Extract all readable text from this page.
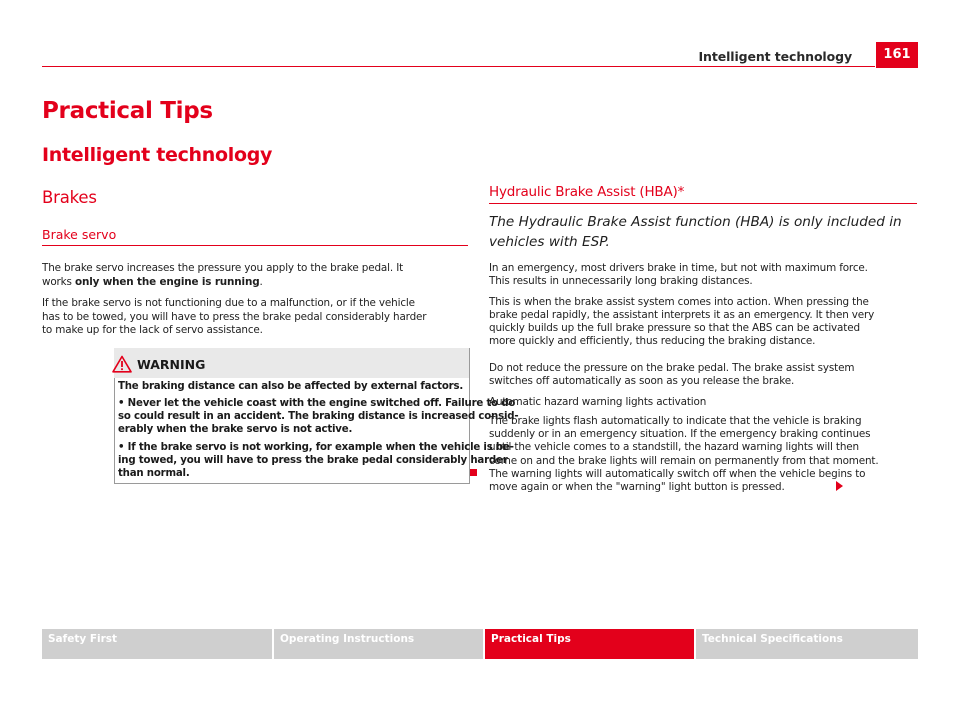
Intelligent technology	161
Practical Tips
Intelligent technology
Brakes
Brake servo
The brake servo increases the pressure you apply to the brake pedal. It
works only when the engine is running.
If the brake servo is not functioning due to a malfunction, or if the vehicle
has to be towed, you will have to press the brake pedal considerably harder
to make up for the lack of servo assistance.
WARNING
The braking distance can also be affected by external factors.
• Never let the vehicle coast with the engine switched off. Failure to do
so could result in an accident. The braking distance is increased consid-
erably when the brake servo is not active.
• If the brake servo is not working, for example when the vehicle is be-
ing towed, you will have to press the brake pedal considerably harder
than normal.
Hydraulic Brake Assist (HBA)*
The Hydraulic Brake Assist function (HBA) is only included in vehicles with ESP.
In an emergency, most drivers brake in time, but not with maximum force.
This results in unnecessarily long braking distances.
This is when the brake assist system comes into action. When pressing the
brake pedal rapidly, the assistant interprets it as an emergency. It then very
quickly builds up the full brake pressure so that the ABS can be activated
more quickly and efficiently, thus reducing the braking distance.
Do not reduce the pressure on the brake pedal. The brake assist system
switches off automatically as soon as you release the brake.
Automatic hazard warning lights activation
The brake lights flash automatically to indicate that the vehicle is braking
suddenly or in an emergency situation. If the emergency braking continues
until the vehicle comes to a standstill, the hazard warning lights will then
come on and the brake lights will remain on permanently from that moment.
The warning lights will automatically switch off when the vehicle begins to
move again or when the "warning" light button is pressed.
Safety First	Operating Instructions	Practical Tips	Technical Specifications
